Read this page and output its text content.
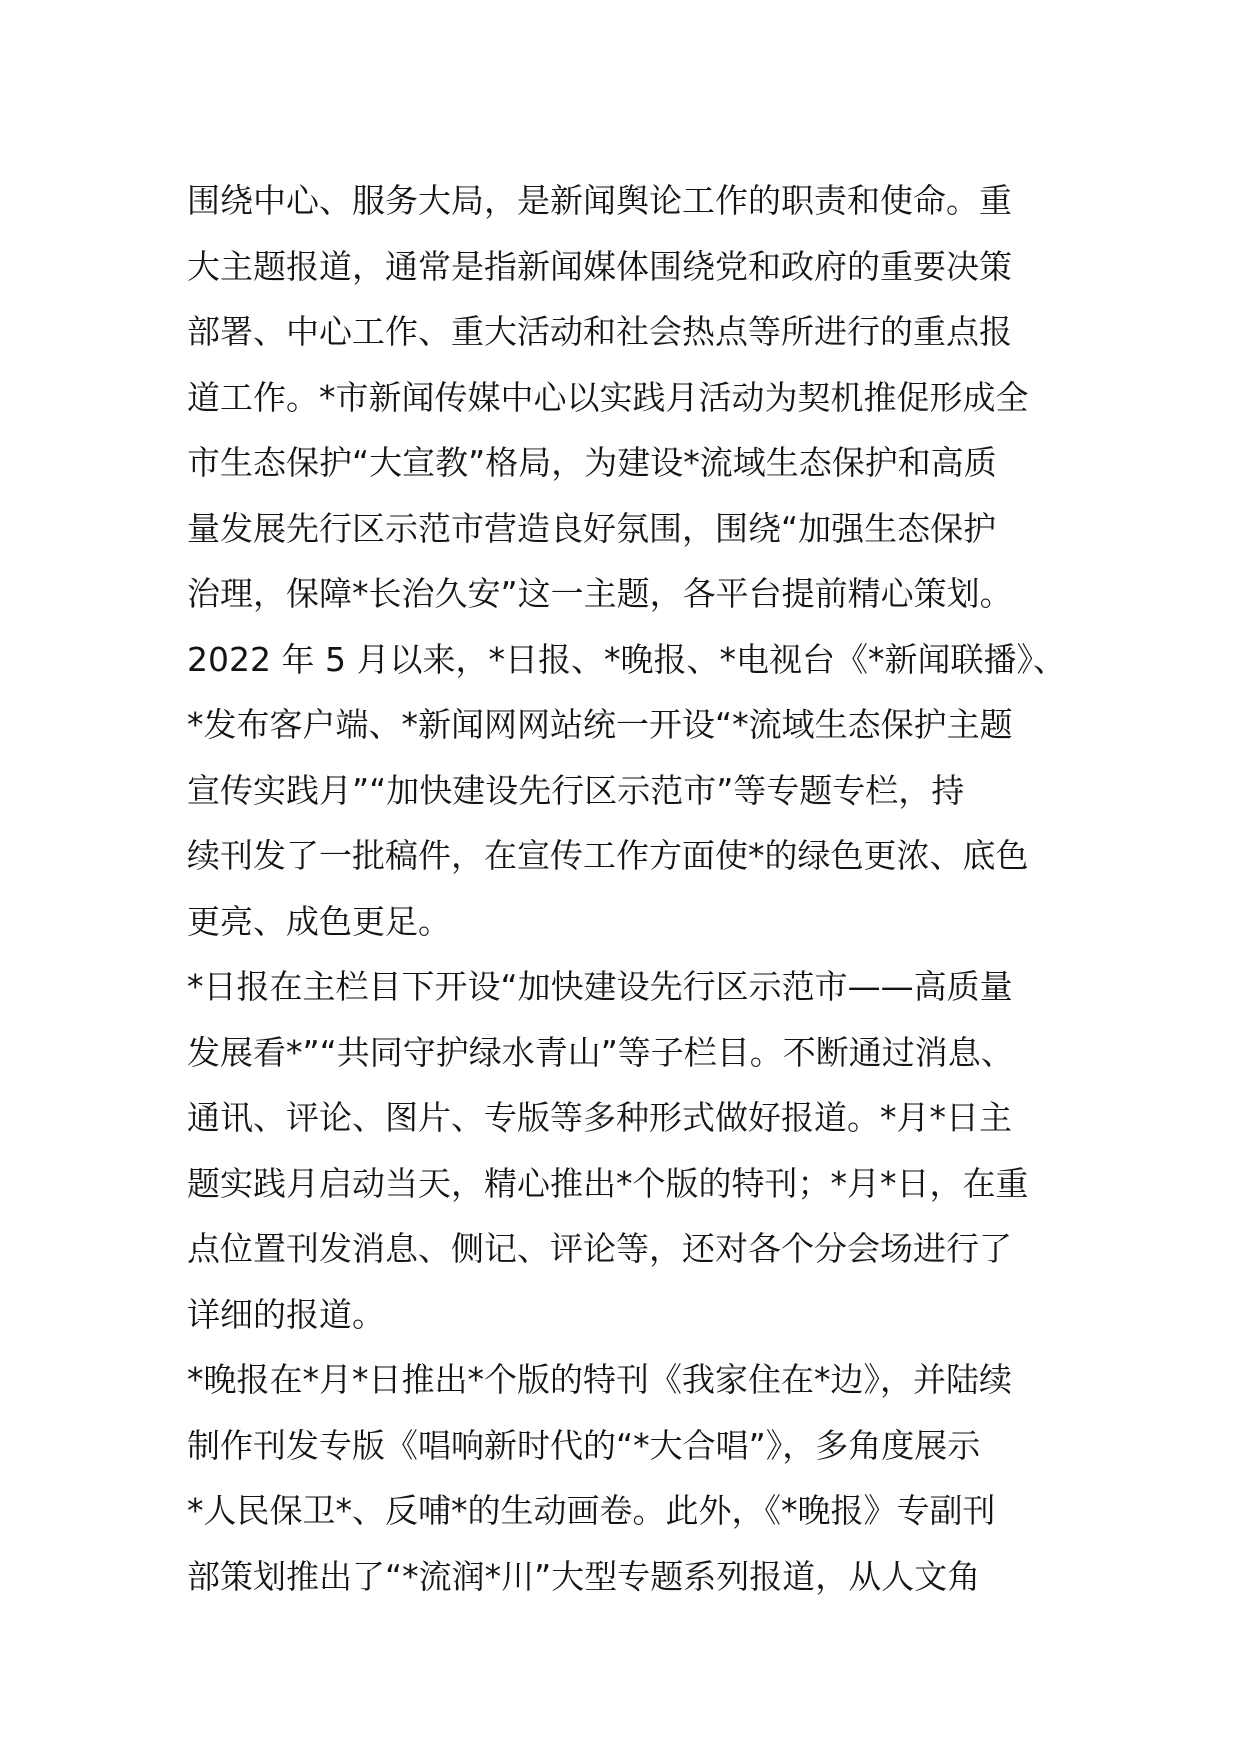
围绕中心、服务大局，是新闻舆论工作的职责和使命。重
大主题报道，通常是指新闻媒体围绕党和政府的重要决策
部署、中心工作、重大活动和社会热点等所进行的重点报
道工作。*市新闻传媒中心以实践月活动为契机推促形成全
市生态保护“大宣教”格局，为建设*流域生态保护和高质
量发展先行区示范市营造良好氛围，围绕“加强生态保护
治理，保障*长治久安”这一主题，各平台提前精心策划。
2022 年 5 月以来，*日报、*晚报、*电视台《*新闻联播》、
*发布客户端、*新闻网网站统一开设“*流域生态保护主题
宣传实践月”“加快建设先行区示范市”等专题专栏，持
续刊发了一批稿件，在宣传工作方面使*的绿色更浓、底色
更亮、成色更足。
*日报在主栏目下开设“加快建设先行区示范市——高质量
发展看*”“共同守护绿水青山”等子栏目。不断通过消息、
通讯、评论、图片、专版等多种形式做好报道。*月*日主
题实践月启动当天，精心推出*个版的特刊；*月*日，在重
点位置刊发消息、侧记、评论等，还对各个分会场进行了
详细的报道。
*晚报在*月*日推出*个版的特刊《我家住在*边》，并陆续
制作刊发专版《唱响新时代的“*大合唱”》，多角度展示
*人民保卫*、反哺*的生动画卷。此外，《*晚报》专副刊
部策划推出了“*流润*川”大型专题系列报道，从人文角
